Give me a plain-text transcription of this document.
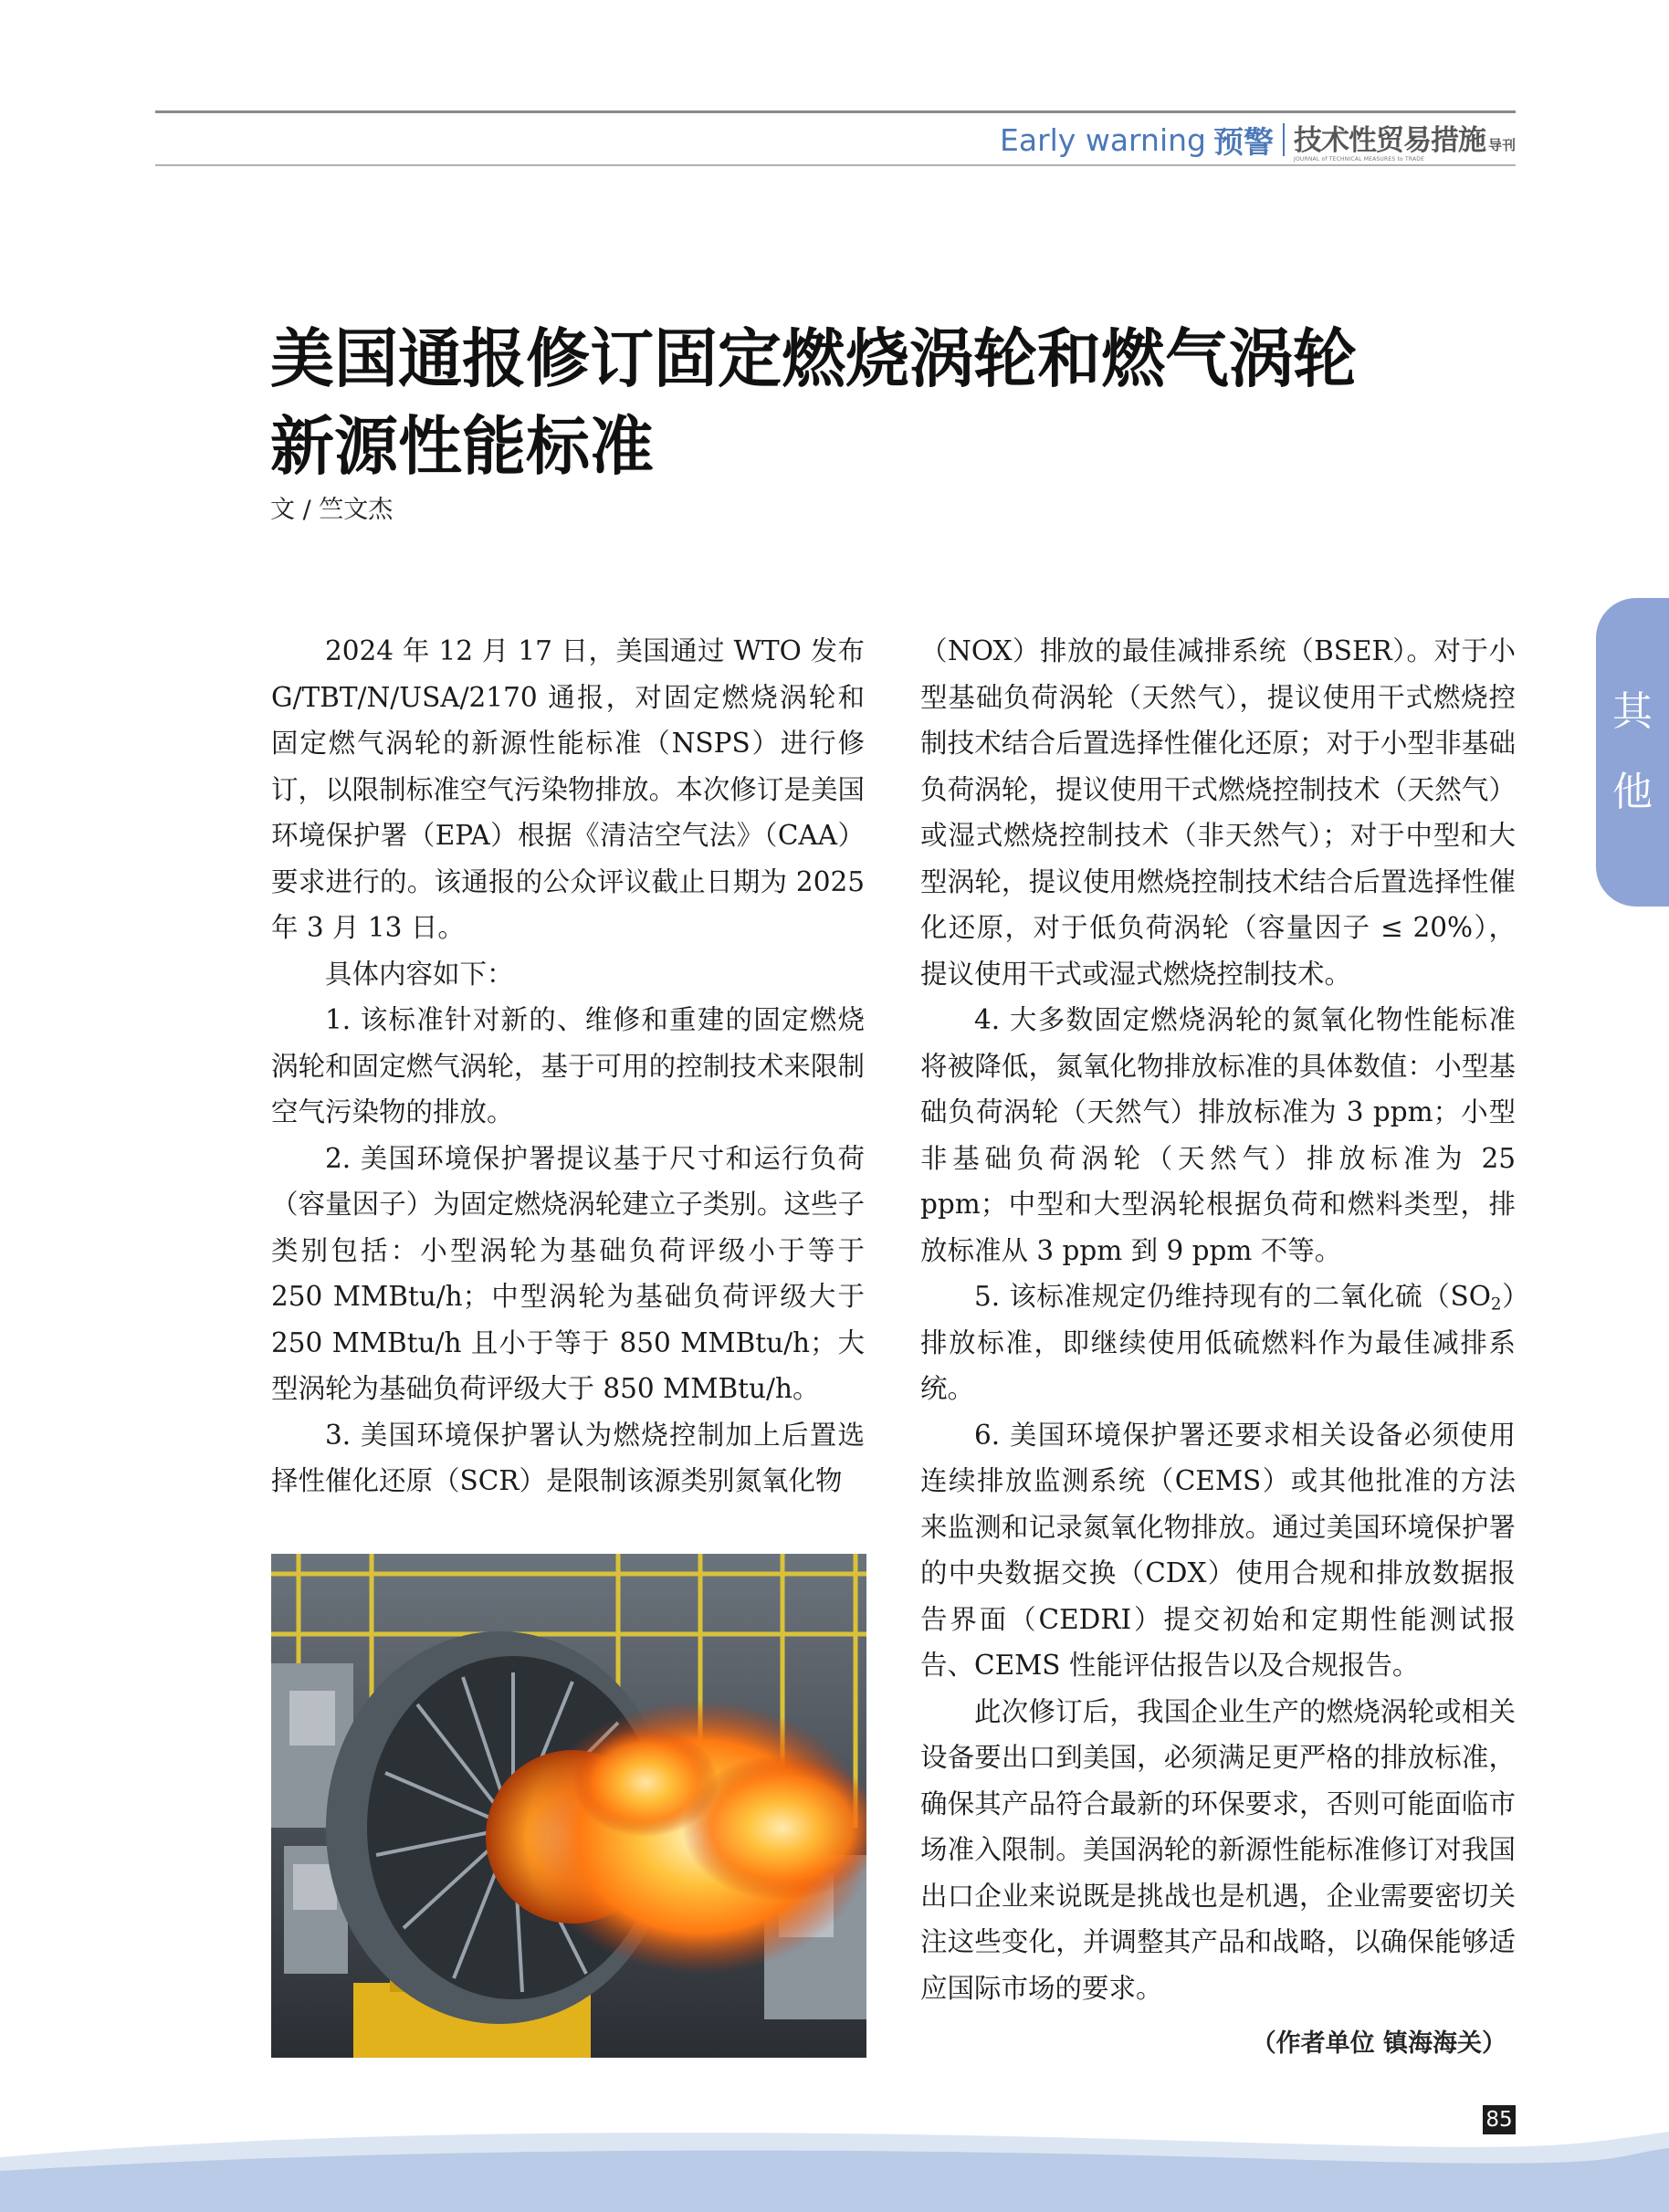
Early warning 预警 技术性贸易措施 导刊
JOURNAL of TECHNICAL MEASURES to TRADE
美国通报修订固定燃烧涡轮和燃气涡轮
新源性能标准
文 / 竺文杰

2024 年 12 月 17 日，美国通过 WTO 发布 G/TBT/N/USA/2170 通报，对固定燃烧涡轮和固定燃气涡轮的新源性能标准（NSPS）进行修订，以限制标准空气污染物排放。本次修订是美国环境保护署（EPA）根据《清洁空气法》（CAA）要求进行的。该通报的公众评议截止日期为 2025 年 3 月 13 日。

具体内容如下：

1. 该标准针对新的、维修和重建的固定燃烧涡轮和固定燃气涡轮，基于可用的控制技术来限制空气污染物的排放。

2. 美国环境保护署提议基于尺寸和运行负荷（容量因子）为固定燃烧涡轮建立子类别。这些子类别包括：小型涡轮为基础负荷评级小于等于 250 MMBtu/h；中型涡轮为基础负荷评级大于 250 MMBtu/h 且小于等于 850 MMBtu/h；大型涡轮为基础负荷评级大于 850 MMBtu/h。

3. 美国环境保护署认为燃烧控制加上后置选择性催化还原（SCR）是限制该源类别氮氧化物

（NOX）排放的最佳减排系统（BSER）。对于小型基础负荷涡轮（天然气），提议使用干式燃烧控制技术结合后置选择性催化还原；对于小型非基础负荷涡轮，提议使用干式燃烧控制技术（天然气）或湿式燃烧控制技术（非天然气）；对于中型和大型涡轮，提议使用燃烧控制技术结合后置选择性催化还原，对于低负荷涡轮（容量因子 ≤ 20%），提议使用干式或湿式燃烧控制技术。

4. 大多数固定燃烧涡轮的氮氧化物性能标准将被降低，氮氧化物排放标准的具体数值：小型基础负荷涡轮（天然气）排放标准为 3 ppm；小型非基础负荷涡轮（天然气）排放标准为 25 ppm；中型和大型涡轮根据负荷和燃料类型，排放标准从 3 ppm 到 9 ppm 不等。

5. 该标准规定仍维持现有的二氧化硫$(SO_2)$排放标准，即继续使用低硫燃料作为最佳减排系统。

6. 美国环境保护署还要求相关设备必须使用连续排放监测系统（CEMS）或其他批准的方法来监测和记录氮氧化物排放。通过美国环境保护署的中央数据交换（CDX）使用合规和排放数据报告界面（CEDRI）提交初始和定期性能测试报告、CEMS 性能评估报告以及合规报告。

此次修订后，我国企业生产的燃烧涡轮或相关设备要出口到美国，必须满足更严格的排放标准，确保其产品符合最新的环保要求，否则可能面临市场准入限制。美国涡轮的新源性能标准修订对我国出口企业来说既是挑战也是机遇，企业需要密切关注这些变化，并调整其产品和战略，以确保能够适应国际市场的要求。

（作者单位 镇海海关）
其
他
85
